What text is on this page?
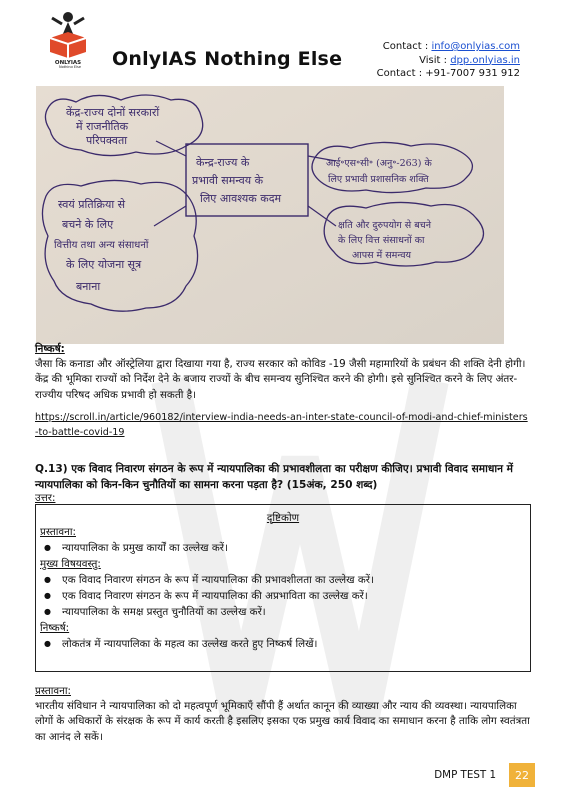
ONLYIAS
Nothing Else OnlyIAS Nothing Else
Contact : info@onlyias.com
Visit : dpp.onlyias.in
Contact : +91-7007 931 912
केंद्र-राज्य दोनों सरकारों
में राजनीतिक
परिपक्वता
केन्द्र-राज्य के
प्रभावी समन्वय के
लिए आवश्यक कदम
आई॰एस॰सी॰ (अनु॰-263) के
लिए प्रभावी प्रशासनिक शक्ति
स्वयं प्रतिक्रिया से
बचने के लिए
वित्तीय तथा अन्य संसाधनों
के लिए योजना सूत्र
बनाना
क्षति और दुरुपयोग से बचने
के लिए वित्त संसाधनों का
आपस में समन्वय
निष्कर्ष:
जैसा कि कनाडा और ऑस्ट्रेलिया द्वारा दिखाया गया है, राज्य सरकार को कोविड -19 जैसी महामारियों के प्रबंधन की शक्ति देनी होगी। केंद्र की भूमिका राज्यों को निर्देश देने के बजाय राज्यों के बीच समन्वय सुनिश्चित करने की होगी। इसे सुनिश्चित करने के लिए अंतर-राज्यीय परिषद अधिक प्रभावी हो सकती है।
https://scroll.in/article/960182/interview-india-needs-an-inter-state-council-of-modi-and-chief-ministers-to-battle-covid-19
Q.13) एक विवाद निवारण संगठन के रूप में न्यायपालिका की प्रभावशीलता का परीक्षण कीजिए। प्रभावी विवाद समाधान में न्यायपालिका को किन-किन चुनौतियों का सामना करना पड़ता है? (15अंक, 250 शब्द)
उत्तर:
दृष्टिकोण
प्रस्तावना:
● न्यायपालिका के प्रमुख कार्यों का उल्लेख करें।
मुख्य विषयवस्तु:
● एक विवाद निवारण संगठन के रूप में न्यायपालिका की प्रभावशीलता का उल्लेख करें।
● एक विवाद निवारण संगठन के रूप में न्यायपालिका की अप्रभाविता का उल्लेख करें।
● न्यायपालिका के समक्ष प्रस्तुत चुनौतियों का उल्लेख करें।
निष्कर्ष:
● लोकतंत्र में न्यायपालिका के महत्व का उल्लेख करते हुए निष्कर्ष लिखें।
प्रस्तावना:
भारतीय संविधान ने न्यायपालिका को दो महत्वपूर्ण भूमिकाएँ सौंपी हैं अर्थात कानून की व्याख्या और न्याय की व्यवस्था। न्यायपालिका लोगों के अधिकारों के संरक्षक के रूप में कार्य करती है इसलिए इसका एक प्रमुख कार्य विवाद का समाधान करना है ताकि लोग स्वतंत्रता का आनंद ले सकें।
DMP TEST 1	22
